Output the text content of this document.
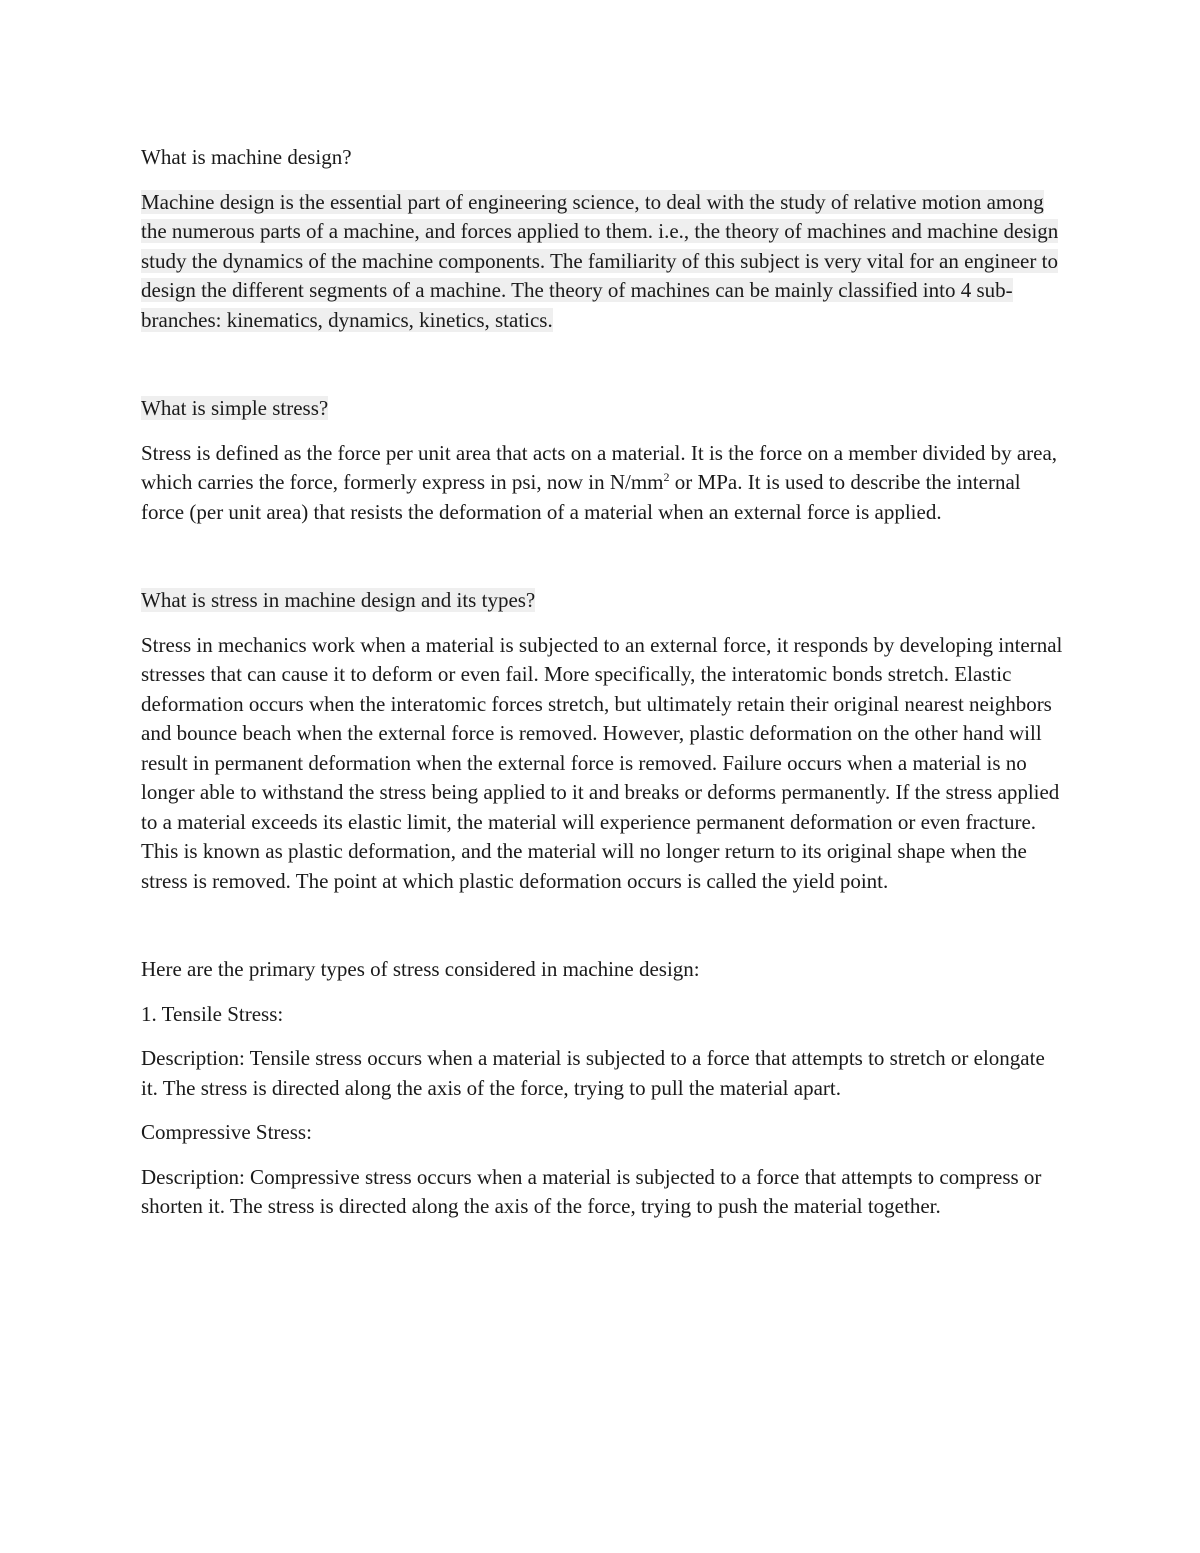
What is machine design?

Machine design is the essential part of engineering science, to deal with the study of relative motion among the numerous parts of a machine, and forces applied to them. i.e., the theory of machines and machine design study the dynamics of the machine components. The familiarity of this subject is very vital for an engineer to design the different segments of a machine. The theory of machines can be mainly classified into 4 sub-branches: kinematics, dynamics, kinetics, statics.

What is simple stress?

Stress is defined as the force per unit area that acts on a material. It is the force on a member divided by area, which carries the force, formerly express in psi, now in $N/mm^2$ or MPa. It is used to describe the internal force (per unit area) that resists the deformation of a material when an external force is applied.

What is stress in machine design and its types?

Stress in mechanics work when a material is subjected to an external force, it responds by developing internal stresses that can cause it to deform or even fail. More specifically, the interatomic bonds stretch. Elastic deformation occurs when the interatomic forces stretch, but ultimately retain their original nearest neighbors and bounce beach when the external force is removed. However, plastic deformation on the other hand will result in permanent deformation when the external force is removed. Failure occurs when a material is no longer able to withstand the stress being applied to it and breaks or deforms permanently. If the stress applied to a material exceeds its elastic limit, the material will experience permanent deformation or even fracture. This is known as plastic deformation, and the material will no longer return to its original shape when the stress is removed. The point at which plastic deformation occurs is called the yield point.

Here are the primary types of stress considered in machine design:

1. Tensile Stress:

Description: Tensile stress occurs when a material is subjected to a force that attempts to stretch or elongate it. The stress is directed along the axis of the force, trying to pull the material apart.

Compressive Stress:

Description: Compressive stress occurs when a material is subjected to a force that attempts to compress or shorten it. The stress is directed along the axis of the force, trying to push the material together.
